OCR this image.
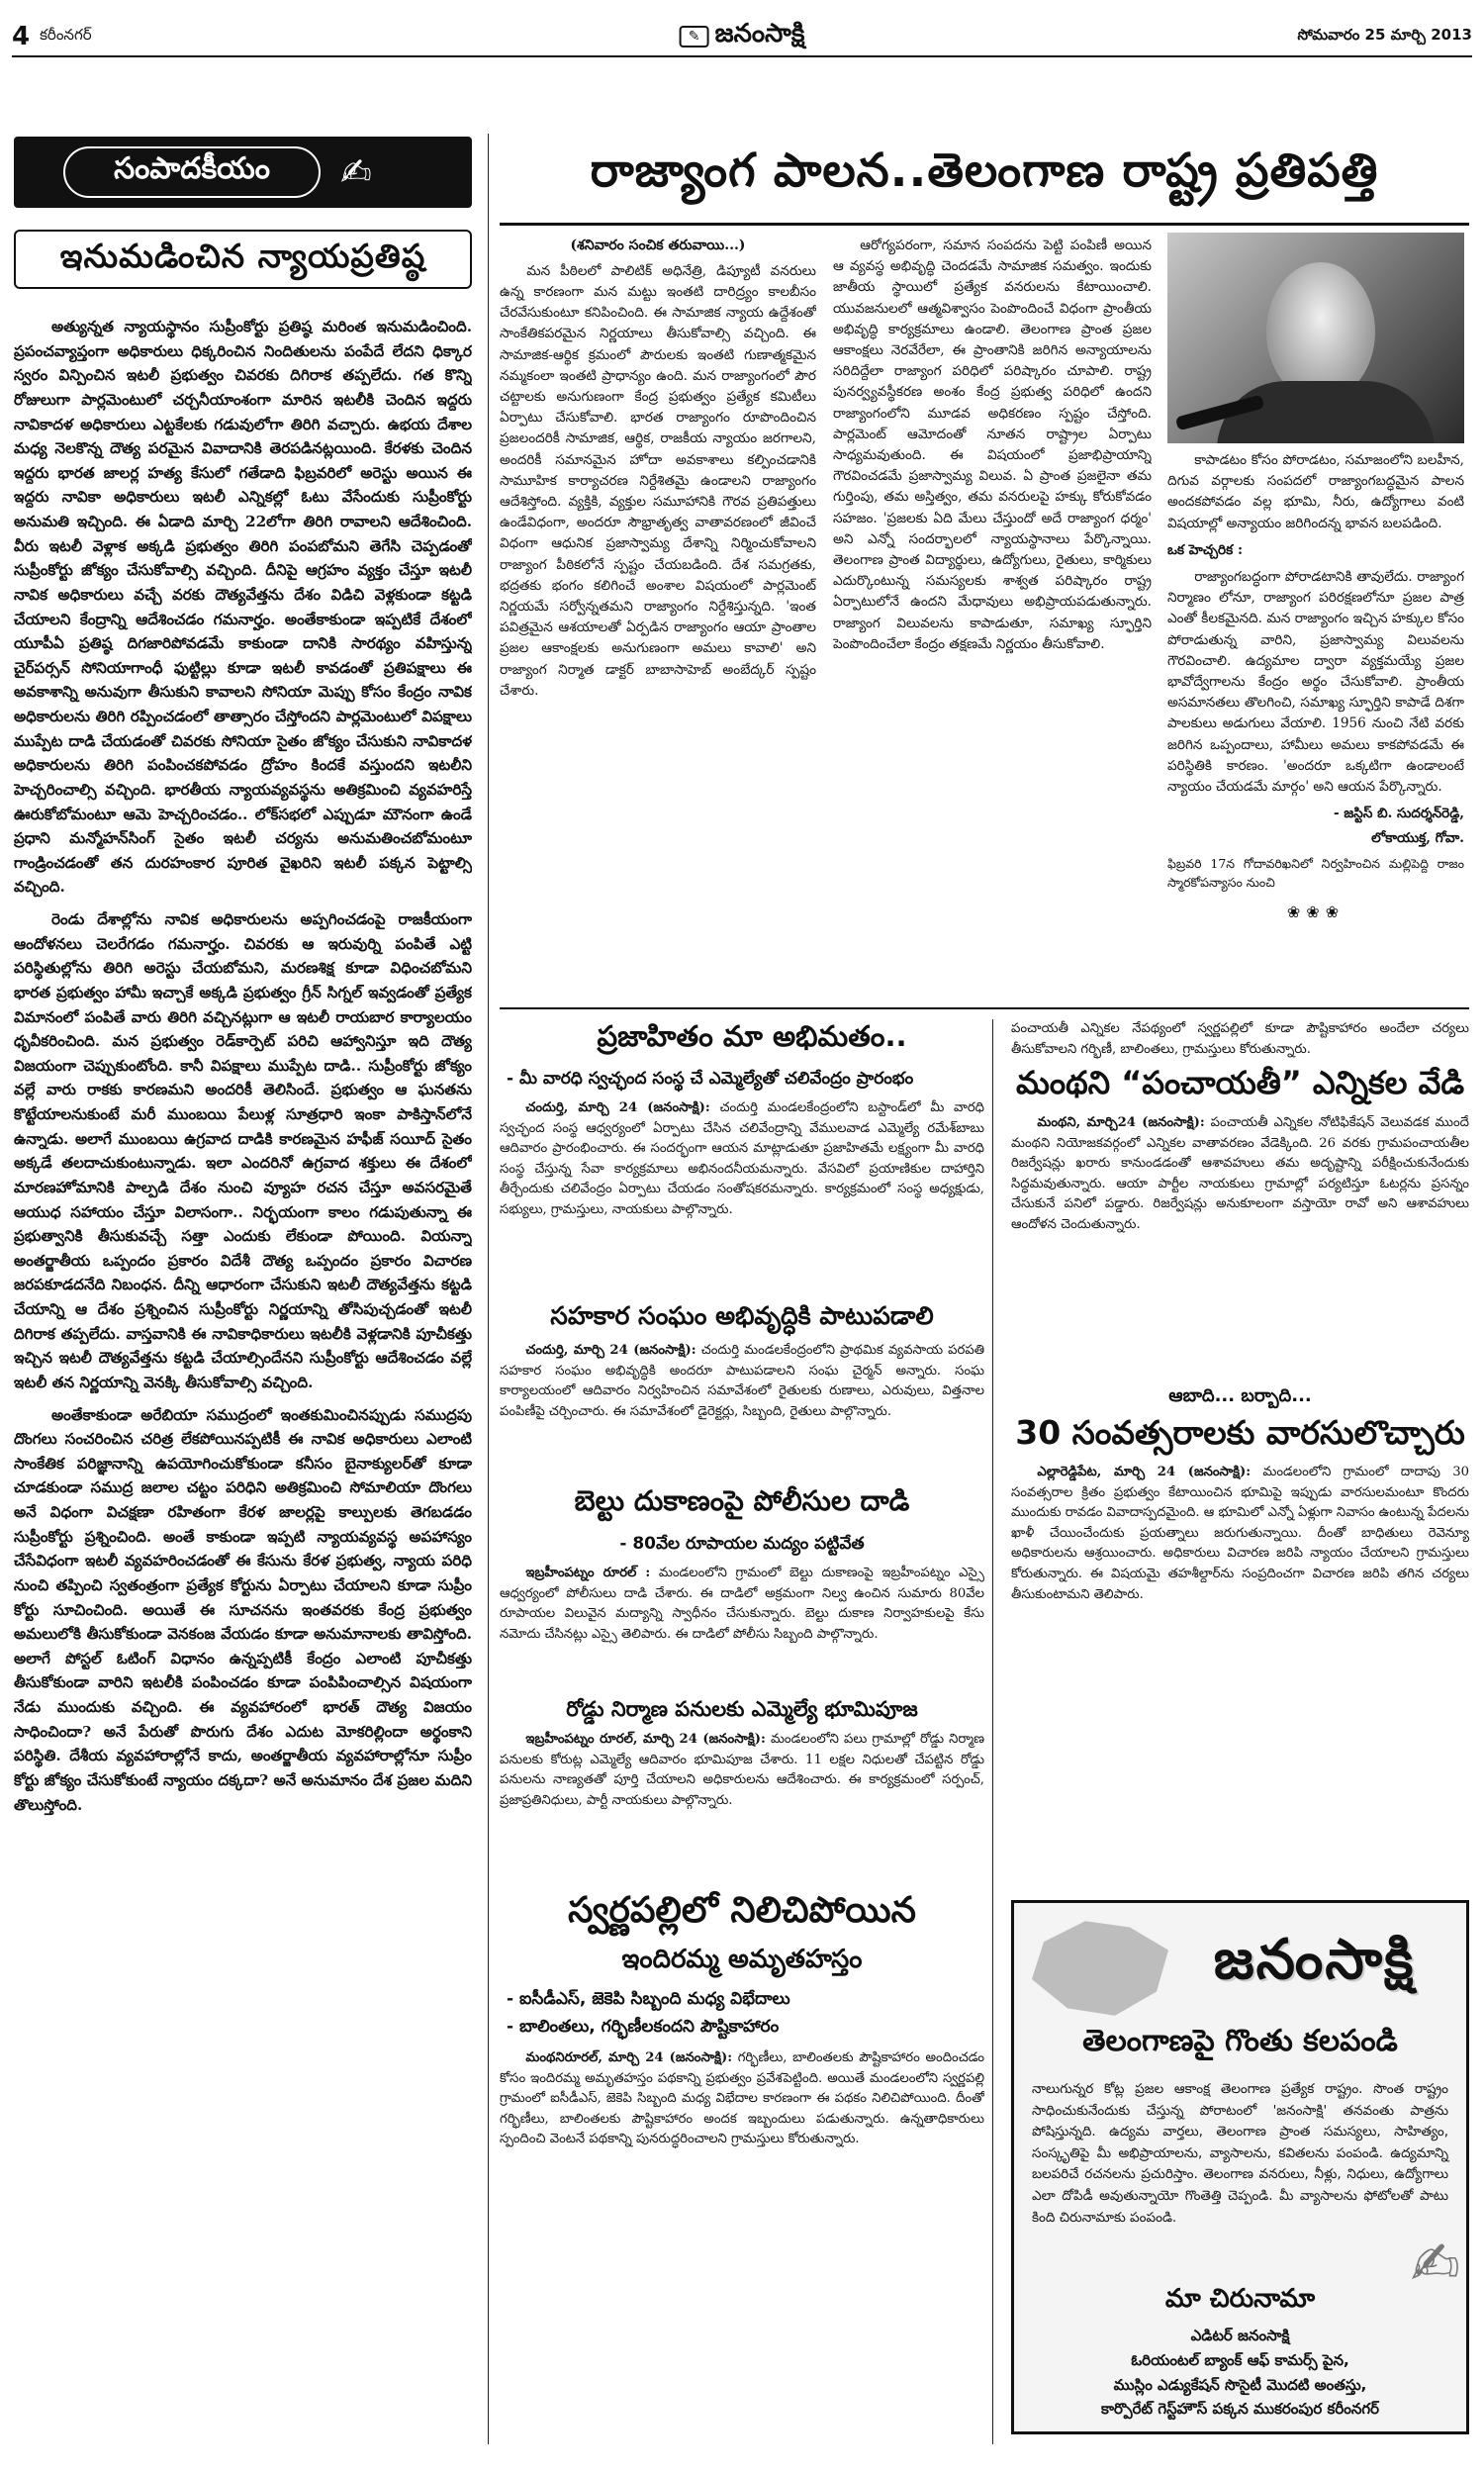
4 కరీంనగర్	✎ జనంసాక్షి	సోమవారం 25 మార్చి 2013
సంపాదకీయం	✍
ఇనుమడించిన న్యాయప్రతిష్ఠ

అత్యున్నత న్యాయస్థానం సుప్రీంకోర్టు ప్రతిష్ఠ మరింత ఇనుమడించింది. ప్రపంచవ్యాప్తంగా అధికారులు ధిక్కరించిన నిందితులను పంపేదే లేదని ధిక్కార స్వరం విన్పించిన ఇటలీ ప్రభుత్వం చివరకు దిగిరాక తప్పలేదు. గత కొన్ని రోజులుగా పార్లమెంటులో చర్చనీయాంశంగా మారిన ఇటలీకి చెందిన ఇద్దరు నావికాదళ అధికారులు ఎట్టకేలకు గడువులోగా తిరిగి వచ్చారు. ఉభయ దేశాల మధ్య నెలకొన్న దౌత్య పరమైన వివాదానికి తెరపడినట్లయింది. కేరళకు చెందిన ఇద్దరు భారత జాలర్ల హత్య కేసులో గతేడాది ఫిబ్రవరిలో అరెస్టు అయిన ఈ ఇద్దరు నావికా అధికారులు ఇటలీ ఎన్నికల్లో ఓటు వేసేందుకు సుప్రీంకోర్టు అనుమతి ఇచ్చింది. ఈ ఏడాది మార్చి 22లోగా తిరిగి రావాలని ఆదేశించింది. వీరు ఇటలీ వెళ్లాక అక్కడి ప్రభుత్వం తిరిగి పంపబోమని తెగేసి చెప్పడంతో సుప్రీంకోర్టు జోక్యం చేసుకోవాల్సి వచ్చింది. దీనిపై ఆగ్రహం వ్యక్తం చేస్తూ ఇటలీ నావిక అధికారులు వచ్చే వరకు దౌత్యవేత్తను దేశం విడిచి వెళ్లకుండా కట్టడి చేయాలని కేంద్రాన్ని ఆదేశించడం గమనార్హం. అంతేకాకుండా ఇప్పటికే దేశంలో యూపీఏ ప్రతిష్ఠ దిగజారిపోవడమే కాకుండా దానికి సారథ్యం వహిస్తున్న చైర్‌పర్సన్ సోనియాగాంధీ ఫుట్టిల్లు కూడా ఇటలీ కావడంతో ప్రతిపక్షాలు ఈ అవకాశాన్ని అనువుగా తీసుకుని కావాలని సోనియా మెప్పు కోసం కేంద్రం నావిక అధికారులను తిరిగి రప్పించడంలో తాత్సారం చేస్తోందని పార్లమెంటులో విపక్షాలు ముప్పేట దాడి చేయడంతో చివరకు సోనియా సైతం జోక్యం చేసుకుని నావికాదళ అధికారులను తిరిగి పంపించకపోవడం ద్రోహం కిందకే వస్తుందని ఇటలీని హెచ్చరించాల్సి వచ్చింది. భారతీయ న్యాయవ్యవస్థను అతిక్రమించి వ్యవహరిస్తే ఊరుకోబోమంటూ ఆమె హెచ్చరించడం.. లోక్‌సభలో ఎప్పుడూ మౌనంగా ఉండే ప్రధాని మన్మోహన్‌సింగ్ సైతం ఇటలీ చర్యను అనుమతించబోమంటూ గాండ్రించడంతో తన దురహంకార పూరిత వైఖరిని ఇటలీ పక్కన పెట్టాల్సి వచ్చింది.

రెండు దేశాల్లోను నావిక అధికారులను అప్పగించడంపై రాజకీయంగా ఆందోళనలు చెలరేగడం గమనార్హం. చివరకు ఆ ఇరువుర్ని పంపితే ఎట్టి పరిస్థితుల్లోను తిరిగి అరెస్టు చేయబోమని, మరణశిక్ష కూడా విధించబోమని భారత ప్రభుత్వం హామీ ఇచ్చాకే అక్కడి ప్రభుత్వం గ్రీన్ సిగ్నల్ ఇవ్వడంతో ప్రత్యేక విమానంలో పంపితే వారు తిరిగి వచ్చినట్లుగా ఆ ఇటలీ రాయబార కార్యాలయం ధృవీకరించింది. మన ప్రభుత్వం రెడ్‌కార్పెట్ పరిచి ఆహ్వానిస్తూ ఇది దౌత్య విజయంగా చెప్పుకుంటోంది. కానీ విపక్షాలు ముప్పేట దాడి.. సుప్రీంకోర్టు జోక్యం వల్లే వారు రాకకు కారణమని అందరికీ తెలిసిందే. ప్రభుత్వం ఆ ఘనతను కొట్టేయాలనుకుంటే మరీ ముంబయి పేలుళ్ల సూత్రధారి ఇంకా పాకిస్తాన్‌లోనే ఉన్నాడు. అలాగే ముంబయి ఉగ్రవాద దాడికి కారణమైన హఫీజ్ సయీద్ సైతం అక్కడే తలదాచుకుంటున్నాడు. ఇలా ఎందరినో ఉగ్రవాద శక్తులు ఈ దేశంలో మారణహోమానికి పాల్పడి దేశం నుంచి వ్యూహ రచన చేస్తూ అవసరమైతే ఆయుధ సహాయం చేస్తూ విలాసంగా.. నిర్భయంగా కాలం గడుపుతున్నా ఈ ప్రభుత్వానికి తీసుకువచ్చే సత్తా ఎందుకు లేకుండా పోయింది. వియన్నా అంతర్జాతీయ ఒప్పందం ప్రకారం విదేశీ దౌత్య ఒప్పందం ప్రకారం విచారణ జరపకూడదనేది నిబంధన. దీన్ని ఆధారంగా చేసుకుని ఇటలీ దౌత్యవేత్తను కట్టడి చేయాన్ని ఆ దేశం ప్రశ్నించిన సుప్రీంకోర్టు నిర్ణయాన్ని తోసిపుచ్చడంతో ఇటలీ దిగిరాక తప్పలేదు. వాస్తవానికి ఈ నావికాధికారులు ఇటలీకి వెళ్లడానికి పూచీకత్తు ఇచ్చిన ఇటలీ దౌత్యవేత్తను కట్టడి చేయాల్సిందేనని సుప్రీంకోర్టు ఆదేశించడం వల్లే ఇటలీ తన నిర్ణయాన్ని వెనక్కి తీసుకోవాల్సి వచ్చింది.

అంతేకాకుండా అరేబియా సముద్రంలో ఇంతకుమించినప్పుడు సముద్రపు దొంగలు సంచరించిన చరిత్ర లేకపోయినప్పటికీ ఈ నావిక అధికారులు ఎలాంటి సాంకేతిక పరిజ్ఞానాన్ని ఉపయోగించుకోకుండా కనీసం బైనాక్యులర్‌తో కూడా చూడకుండా సముద్ర జలాల చట్టం పరిధిని అతిక్రమించి సోమాలియా దొంగలు అనే విధంగా విచక్షణా రహితంగా కేరళ జాలర్లపై కాల్పులకు తెగబడడం సుప్రీంకోర్టు ప్రశ్నించింది. అంతే కాకుండా ఇప్పటి న్యాయవ్యవస్థ అపహాస్యం చేసేవిధంగా ఇటలీ వ్యవహరించడంతో ఈ కేసును కేరళ ప్రభుత్వ, న్యాయ పరిధి నుంచి తప్పించి స్వతంత్రంగా ప్రత్యేక కోర్టును ఏర్పాటు చేయాలని కూడా సుప్రీం కోర్టు సూచించింది. అయితే ఈ సూచనను ఇంతవరకు కేంద్ర ప్రభుత్వం అమలులోకి తీసుకోకుండా వెనకంజ వేయడం కూడా అనుమానాలకు తావిస్తోంది. అలాగే పోస్టల్ ఓటింగ్ విధానం ఉన్నప్పటికీ కేంద్రం ఎలాంటి పూచీకత్తు తీసుకోకుండా వారిని ఇటలీకి పంపించడం కూడా పంపిపించాల్సిన విషయంగా నేడు ముందుకు వచ్చింది. ఈ వ్యవహారంలో భారత్ దౌత్య విజయం సాధించిందా? అనే పేరుతో పొరుగు దేశం ఎదుట మోకరిల్లిందా అర్థంకాని పరిస్థితి. దేశీయ వ్యవహారాల్లోనే కాదు, అంతర్జాతీయ వ్యవహారాల్లోనూ సుప్రీం కోర్టు జోక్యం చేసుకోకుంటే న్యాయం దక్కదా? అనే అనుమానం దేశ ప్రజల మదిని తొలుస్తోంది.

రాజ్యాంగ పాలన..తెలంగాణ రాష్ట్ర ప్రతిపత్తి
(శనివారం సంచిక తరువాయి...)

మన పీఠిలలో పాలిటిక్ అధినేత్రి, డిప్యూటీ వనరులు ఉన్న కారణంగా మన మట్టు ఇంతటి దారిద్ర్యం కాలబీసం చేరవేసుకుంటూ కనిపించింది. ఈ సామాజిక న్యాయ ఉద్దేశంతో సాంకేతికపరమైన నిర్ణయాలు తీసుకోవాల్సి వచ్చింది. ఈ సామాజిక-ఆర్థిక క్రమంలో పౌరులకు ఇంతటి గుణాత్మకమైన నమ్మకంలా ఇంతటి ప్రాధాన్యం ఉంది. మన రాజ్యాంగంలో పౌర చట్టాలకు అనుగుణంగా కేంద్ర ప్రభుత్వం ప్రత్యేక కమిటీలు ఏర్పాటు చేసుకోవాలి. భారత రాజ్యాంగం రూపొందించిన ప్రజలందరికీ సామాజిక, ఆర్థిక, రాజకీయ న్యాయం జరగాలని, అందరికీ సమానమైన హోదా అవకాశాలు కల్పించడానికి సామూహిక కార్యాచరణ నిర్దేశితమై ఉండాలని రాజ్యాంగం ఆదేశిస్తోంది. వ్యక్తికి, వ్యక్తుల సమూహానికి గౌరవ ప్రతిపత్తులు ఉండేవిధంగా, అందరూ సౌభ్రాతృత్వ వాతావరణంలో జీవించే విధంగా ఆధునిక ప్రజాస్వామ్య దేశాన్ని నిర్మించుకోవాలని రాజ్యాంగ పీఠికలోనే స్పష్టం చేయబడింది. దేశ సమగ్రతకు, భద్రతకు భంగం కలిగించే అంశాల విషయంలో పార్లమెంట్ నిర్ణయమే సర్వోన్నతమని రాజ్యాంగం నిర్దేశిస్తున్నది. 'ఇంత పవిత్రమైన ఆశయాలతో ఏర్పడిన రాజ్యాంగం ఆయా ప్రాంతాల ప్రజల ఆకాంక్షలకు అనుగుణంగా అమలు కావాలి' అని రాజ్యాంగ నిర్మాత డాక్టర్ బాబాసాహెబ్ అంబేద్కర్ స్పష్టం చేశారు.

ఆరోగ్యపరంగా, సమాన సంపదను పెట్టి పంపిణీ అయిన ఆ వ్యవస్థ అభివృద్ధి చెందడమే సామాజిక సమత్వం. ఇందుకు జాతీయ స్థాయిలో ప్రత్యేక వనరులను కేటాయించాలి. యువజనులలో ఆత్మవిశ్వాసం పెంపొందించే విధంగా ప్రాంతీయ అభివృద్ధి కార్యక్రమాలు ఉండాలి. తెలంగాణ ప్రాంత ప్రజల ఆకాంక్షలు నెరవేరేలా, ఈ ప్రాంతానికి జరిగిన అన్యాయాలను సరిదిద్దేలా రాజ్యాంగ పరిధిలో పరిష్కారం చూపాలి. రాష్ట్ర పునర్వ్యవస్థీకరణ అంశం కేంద్ర ప్రభుత్వ పరిధిలో ఉందని రాజ్యాంగంలోని మూడవ అధికరణం స్పష్టం చేస్తోంది. పార్లమెంట్ ఆమోదంతో నూతన రాష్ట్రాల ఏర్పాటు సాధ్యమవుతుంది. ఈ విషయంలో ప్రజాభిప్రాయాన్ని గౌరవించడమే ప్రజాస్వామ్య విలువ. ఏ ప్రాంత ప్రజలైనా తమ గుర్తింపు, తమ అస్తిత్వం, తమ వనరులపై హక్కు కోరుకోవడం సహజం. 'ప్రజలకు ఏది మేలు చేస్తుందో అదే రాజ్యాంగ ధర్మం' అని ఎన్నో సందర్భాలలో న్యాయస్థానాలు పేర్కొన్నాయి. తెలంగాణ ప్రాంత విద్యార్థులు, ఉద్యోగులు, రైతులు, కార్మికులు ఎదుర్కొంటున్న సమస్యలకు శాశ్వత పరిష్కారం రాష్ట్ర ఏర్పాటులోనే ఉందని మేధావులు అభిప్రాయపడుతున్నారు. రాజ్యాంగ విలువలను కాపాడుతూ, సమాఖ్య స్ఫూర్తిని పెంపొందించేలా కేంద్రం తక్షణమే నిర్ణయం తీసుకోవాలి.

కాపాడటం కోసం పోరాడటం, సమాజంలోని బలహీన, దిగువ వర్గాలకు సంపదలో రాజ్యాంగబద్ధమైన పాలన అందకపోవడం వల్ల భూమి, నీరు, ఉద్యోగాలు వంటి విషయాల్లో అన్యాయం జరిగిందన్న భావన బలపడింది.

ఒక హెచ్చరిక :

రాజ్యాంగబద్ధంగా పోరాడటానికి తావులేదు. రాజ్యాంగ నిర్మాణం లోనూ, రాజ్యాంగ పరిరక్షణలోనూ ప్రజల పాత్ర ఎంతో కీలకమైనది. మన రాజ్యాంగం ఇచ్చిన హక్కుల కోసం పోరాడుతున్న వారిని, ప్రజాస్వామ్య విలువలను గౌరవించాలి. ఉద్యమాల ద్వారా వ్యక్తమయ్యే ప్రజల భావోద్వేగాలను కేంద్రం అర్థం చేసుకోవాలి. ప్రాంతీయ అసమానతలు తొలగించి, సమాఖ్య స్ఫూర్తిని కాపాడే దిశగా పాలకులు అడుగులు వేయాలి. 1956 నుంచి నేటి వరకు జరిగిన ఒప్పందాలు, హామీలు అమలు కాకపోవడమే ఈ పరిస్థితికి కారణం. 'అందరూ ఒక్కటిగా ఉండాలంటే న్యాయం చేయడమే మార్గం' అని ఆయన పేర్కొన్నారు.

- జస్టిస్ బి. సుదర్శన్‌రెడ్డి,
లోకాయుక్త, గోవా.
ఫిబ్రవరి 17న గోదావరిఖనిలో నిర్వహించిన మల్లిపెద్ది రాజం స్మారకోపన్యాసం నుంచి
❀❀❀
ప్రజాహితం మా అభిమతం..
- మీ వారధి స్వచ్ఛంద సంస్థ చే ఎమ్మెల్యేతో చలివేంద్రం ప్రారంభం

చందుర్తి, మార్చి 24 (జనంసాక్షి): చందుర్తి మండలకేంద్రంలోని బస్టాండ్‌లో మీ వారధి స్వచ్ఛంద సంస్థ ఆధ్వర్యంలో ఏర్పాటు చేసిన చలివేంద్రాన్ని వేములవాడ ఎమ్మెల్యే రమేశ్‌బాబు ఆదివారం ప్రారంభించారు. ఈ సందర్భంగా ఆయన మాట్లాడుతూ ప్రజాహితమే లక్ష్యంగా మీ వారధి సంస్థ చేస్తున్న సేవా కార్యక్రమాలు అభినందనీయమన్నారు. వేసవిలో ప్రయాణికుల దాహార్తిని తీర్చేందుకు చలివేంద్రం ఏర్పాటు చేయడం సంతోషకరమన్నారు. కార్యక్రమంలో సంస్థ అధ్యక్షుడు, సభ్యులు, గ్రామస్తులు, నాయకులు పాల్గొన్నారు.

సహకార సంఘం అభివృద్ధికి పాటుపడాలి

చందుర్తి, మార్చి 24 (జనంసాక్షి): చందుర్తి మండలకేంద్రంలోని ప్రాథమిక వ్యవసాయ పరపతి సహకార సంఘం అభివృద్ధికి అందరూ పాటుపడాలని సంఘ చైర్మన్ అన్నారు. సంఘ కార్యాలయంలో ఆదివారం నిర్వహించిన సమావేశంలో రైతులకు రుణాలు, ఎరువులు, విత్తనాల పంపిణీపై చర్చించారు. ఈ సమావేశంలో డైరెక్టర్లు, సిబ్బంది, రైతులు పాల్గొన్నారు.

బెల్టు దుకాణంపై పోలీసుల దాడి
- 80వేల రూపాయల మద్యం పట్టివేత

ఇబ్రహీంపట్నం రూరల్ : మండలంలోని గ్రామంలో బెల్టు దుకాణంపై ఇబ్రహీంపట్నం ఎస్సై ఆధ్వర్యంలో పోలీసులు దాడి చేశారు. ఈ దాడిలో అక్రమంగా నిల్వ ఉంచిన సుమారు 80వేల రూపాయల విలువైన మద్యాన్ని స్వాధీనం చేసుకున్నారు. బెల్టు దుకాణ నిర్వాహకులపై కేసు నమోదు చేసినట్లు ఎస్సై తెలిపారు. ఈ దాడిలో పోలీసు సిబ్బంది పాల్గొన్నారు.

రోడ్డు నిర్మాణ పనులకు ఎమ్మెల్యే భూమిపూజ

ఇబ్రహీంపట్నం రూరల్, మార్చి 24 (జనంసాక్షి): మండలంలోని పలు గ్రామాల్లో రోడ్డు నిర్మాణ పనులకు కోరుట్ల ఎమ్మెల్యే ఆదివారం భూమిపూజ చేశారు. 11 లక్షల నిధులతో చేపట్టిన రోడ్డు పనులను నాణ్యతతో పూర్తి చేయాలని అధికారులను ఆదేశించారు. ఈ కార్యక్రమంలో సర్పంచ్, ప్రజాప్రతినిధులు, పార్టీ నాయకులు పాల్గొన్నారు.

స్వర్ణపల్లిలో నిలిచిపోయిన
ఇందిరమ్మ అమృతహస్తం
- ఐసీడీఎస్, జెకెపి సిబ్బంది మధ్య విభేదాలు
- బాలింతలు, గర్భిణీలకందని పౌష్టికాహారం

మంథనిరూరల్, మార్చి 24 (జనంసాక్షి): గర్భిణీలు, బాలింతలకు పౌష్టికాహారం అందించడం కోసం ఇందిరమ్మ అమృతహస్తం పథకాన్ని ప్రభుత్వం ప్రవేశపెట్టింది. అయితే మండలంలోని స్వర్ణపల్లి గ్రామంలో ఐసీడీఎస్, జెకెపి సిబ్బంది మధ్య విభేదాల కారణంగా ఈ పథకం నిలిచిపోయింది. దీంతో గర్భిణీలు, బాలింతలకు పౌష్టికాహారం అందక ఇబ్బందులు పడుతున్నారు. ఉన్నతాధికారులు స్పందించి వెంటనే పథకాన్ని పునరుద్ధరించాలని గ్రామస్తులు కోరుతున్నారు.

పంచాయతీ ఎన్నికల నేపథ్యంలో స్వర్ణపల్లిలో కూడా పౌష్టికాహారం అందేలా చర్యలు తీసుకోవాలని గర్భిణీ, బాలింతలు, గ్రామస్తులు కోరుతున్నారు.

మంథని “పంచాయతీ” ఎన్నికల వేడి

మంథని, మార్చి24 (జనంసాక్షి): పంచాయతీ ఎన్నికల నోటిఫికేషన్ వెలువడక ముందే మంథని నియోజకవర్గంలో ఎన్నికల వాతావరణం వేడెక్కింది. 26 వరకు గ్రామపంచాయతీల రిజర్వేషన్లు ఖరారు కానుండడంతో ఆశావహులు తమ అదృష్టాన్ని పరీక్షించుకునేందుకు సిద్ధమవుతున్నారు. ఆయా పార్టీల నాయకులు గ్రామాల్లో పర్యటిస్తూ ఓటర్లను ప్రసన్నం చేసుకునే పనిలో పడ్డారు. రిజర్వేషన్లు అనుకూలంగా వస్తాయో రావో అని ఆశావహులు ఆందోళన చెందుతున్నారు.

ఆబాది... బర్బాది...
30 సంవత్సరాలకు వారసులొచ్చారు

ఎల్లారెడ్డిపేట, మార్చి 24 (జనంసాక్షి): మండలంలోని గ్రామంలో దాదాపు 30 సంవత్సరాల క్రితం ప్రభుత్వం కేటాయించిన భూమిపై ఇప్పుడు వారసులమంటూ కొందరు ముందుకు రావడం వివాదాస్పదమైంది. ఆ భూమిలో ఎన్నో ఏళ్లుగా నివాసం ఉంటున్న పేదలను ఖాళీ చేయించేందుకు ప్రయత్నాలు జరుగుతున్నాయి. దీంతో బాధితులు రెవెన్యూ అధికారులను ఆశ్రయించారు. అధికారులు విచారణ జరిపి న్యాయం చేయాలని గ్రామస్తులు కోరుతున్నారు. ఈ విషయమై తహశీల్దార్‌ను సంప్రదించగా విచారణ జరిపి తగిన చర్యలు తీసుకుంటామని తెలిపారు.

జనంసాక్షి
తెలంగాణపై గొంతు కలపండి
నాలుగున్నర కోట్ల ప్రజల ఆకాంక్ష తెలంగాణ ప్రత్యేక రాష్ట్రం. సొంత రాష్ట్రం సాధించుకునేందుకు చేస్తున్న పోరాటంలో 'జనంసాక్షి' తనవంతు పాత్రను పోషిస్తున్నది. ఉద్యమ వార్తలు, తెలంగాణ ప్రాంత సమస్యలు, సాహిత్యం, సంస్కృతిపై మీ అభిప్రాయాలను, వ్యాసాలను, కవితలను పంపండి. ఉద్యమాన్ని బలపరిచే రచనలను ప్రచురిస్తాం. తెలంగాణ వనరులు, నీళ్లు, నిధులు, ఉద్యోగాలు ఎలా దోపిడీ అవుతున్నాయో గొంతెత్తి చెప్పండి. మీ వ్యాసాలను ఫోటోలతో పాటు కింది చిరునామాకు పంపండి.
✍
మా చిరునామా
ఎడిటర్ జనంసాక్షి
ఓరియంటల్ బ్యాంక్ ఆఫ్ కామర్స్ పైన,
ముస్లిం ఎడ్యుకేషన్ సొసైటీ మొదటి అంతస్తు,
కార్పొరేట్ గెస్ట్‌హౌస్ పక్కన ముకరంపుర కరీంనగర్
